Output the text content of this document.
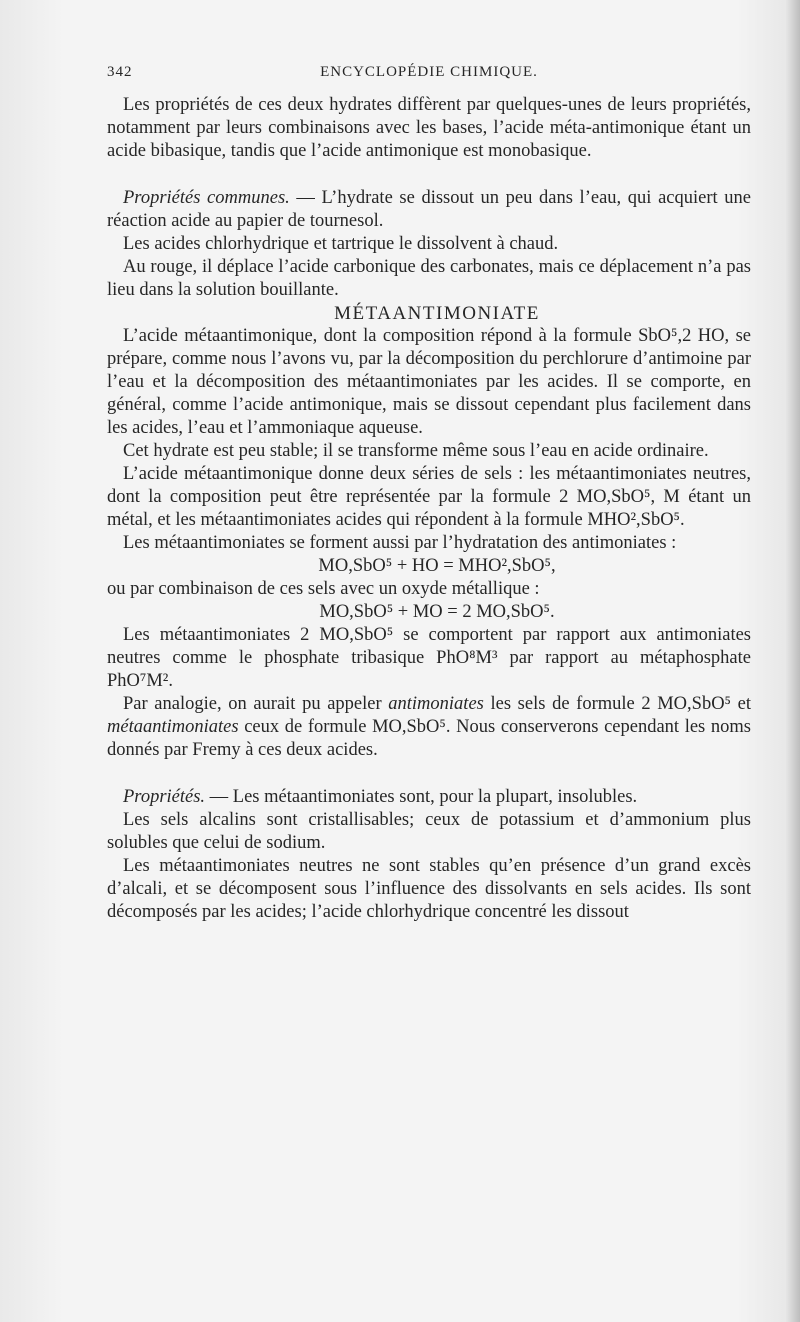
342	ENCYCLOPÉDIE CHIMIQUE.

Les propriétés de ces deux hydrates diffèrent par quelques-unes de leurs propriétés, notamment par leurs combinaisons avec les bases, l’acide méta-antimonique étant un acide bibasique, tandis que l’acide antimonique est monobasique.

Propriétés communes. — L’hydrate se dissout un peu dans l’eau, qui acquiert une réaction acide au papier de tournesol.

Les acides chlorhydrique et tartrique le dissolvent à chaud.

Au rouge, il déplace l’acide carbonique des carbonates, mais ce déplacement n’a pas lieu dans la solution bouillante.

MÉTAANTIMONIATE

L’acide métaantimonique, dont la composition répond à la formule SbO⁵,2 HO, se prépare, comme nous l’avons vu, par la décomposition du perchlorure d’antimoine par l’eau et la décomposition des métaantimoniates par les acides. Il se comporte, en général, comme l’acide antimonique, mais se dissout cependant plus facilement dans les acides, l’eau et l’ammoniaque aqueuse.

Cet hydrate est peu stable; il se transforme même sous l’eau en acide ordinaire.

L’acide métaantimonique donne deux séries de sels : les métaantimoniates neutres, dont la composition peut être représentée par la formule 2 MO,SbO⁵, M étant un métal, et les métaantimoniates acides qui répondent à la formule MHO²,SbO⁵.

Les métaantimoniates se forment aussi par l’hydratation des antimoniates :

MO,SbO⁵ + HO = MHO²,SbO⁵,

ou par combinaison de ces sels avec un oxyde métallique :

MO,SbO⁵ + MO = 2 MO,SbO⁵.

Les métaantimoniates 2 MO,SbO⁵ se comportent par rapport aux antimoniates neutres comme le phosphate tribasique PhO⁸M³ par rapport au métaphosphate PhO⁷M².

Par analogie, on aurait pu appeler antimoniates les sels de formule 2 MO,SbO⁵ et métaantimoniates ceux de formule MO,SbO⁵. Nous conserverons cependant les noms donnés par Fremy à ces deux acides.

Propriétés. — Les métaantimoniates sont, pour la plupart, insolubles.

Les sels alcalins sont cristallisables; ceux de potassium et d’ammonium plus solubles que celui de sodium.

Les métaantimoniates neutres ne sont stables qu’en présence d’un grand excès d’alcali, et se décomposent sous l’influence des dissolvants en sels acides. Ils sont décomposés par les acides; l’acide chlorhydrique concentré les dissout
